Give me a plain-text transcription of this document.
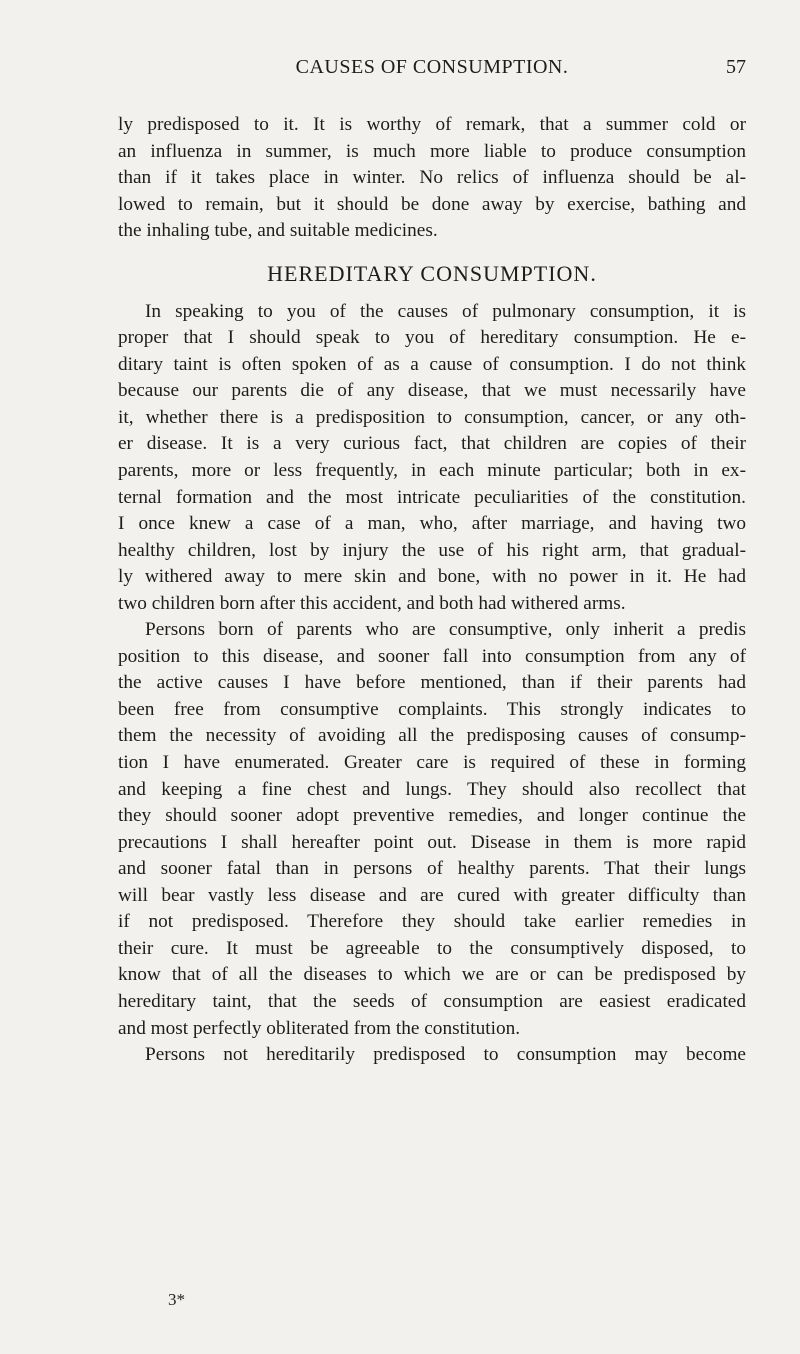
CAUSES OF CONSUMPTION.	57
ly predisposed to it. It is worthy of remark, that a summer cold or
an influenza in summer, is much more liable to produce consumption
than if it takes place in winter. No relics of influenza should be al-
lowed to remain, but it should be done away by exercise, bathing and
the inhaling tube, and suitable medicines.
HEREDITARY CONSUMPTION.
In speaking to you of the causes of pulmonary consumption, it is
proper that I should speak to you of hereditary consumption. He e-
ditary taint is often spoken of as a cause of consumption. I do not think
because our parents die of any disease, that we must necessarily have
it, whether there is a predisposition to consumption, cancer, or any oth-
er disease. It is a very curious fact, that children are copies of their
parents, more or less frequently, in each minute particular; both in ex-
ternal formation and the most intricate peculiarities of the constitution.
I once knew a case of a man, who, after marriage, and having two
healthy children, lost by injury the use of his right arm, that gradual-
ly withered away to mere skin and bone, with no power in it. He had
two children born after this accident, and both had withered arms.
Persons born of parents who are consumptive, only inherit a predis
position to this disease, and sooner fall into consumption from any of
the active causes I have before mentioned, than if their parents had
been free from consumptive complaints. This strongly indicates to
them the necessity of avoiding all the predisposing causes of consump-
tion I have enumerated. Greater care is required of these in forming
and keeping a fine chest and lungs. They should also recollect that
they should sooner adopt preventive remedies, and longer continue the
precautions I shall hereafter point out. Disease in them is more rapid
and sooner fatal than in persons of healthy parents. That their lungs
will bear vastly less disease and are cured with greater difficulty than
if not predisposed. Therefore they should take earlier remedies in
their cure. It must be agreeable to the consumptively disposed, to
know that of all the diseases to which we are or can be predisposed by
hereditary taint, that the seeds of consumption are easiest eradicated
and most perfectly obliterated from the constitution.
Persons not hereditarily predisposed to consumption may become
3*
